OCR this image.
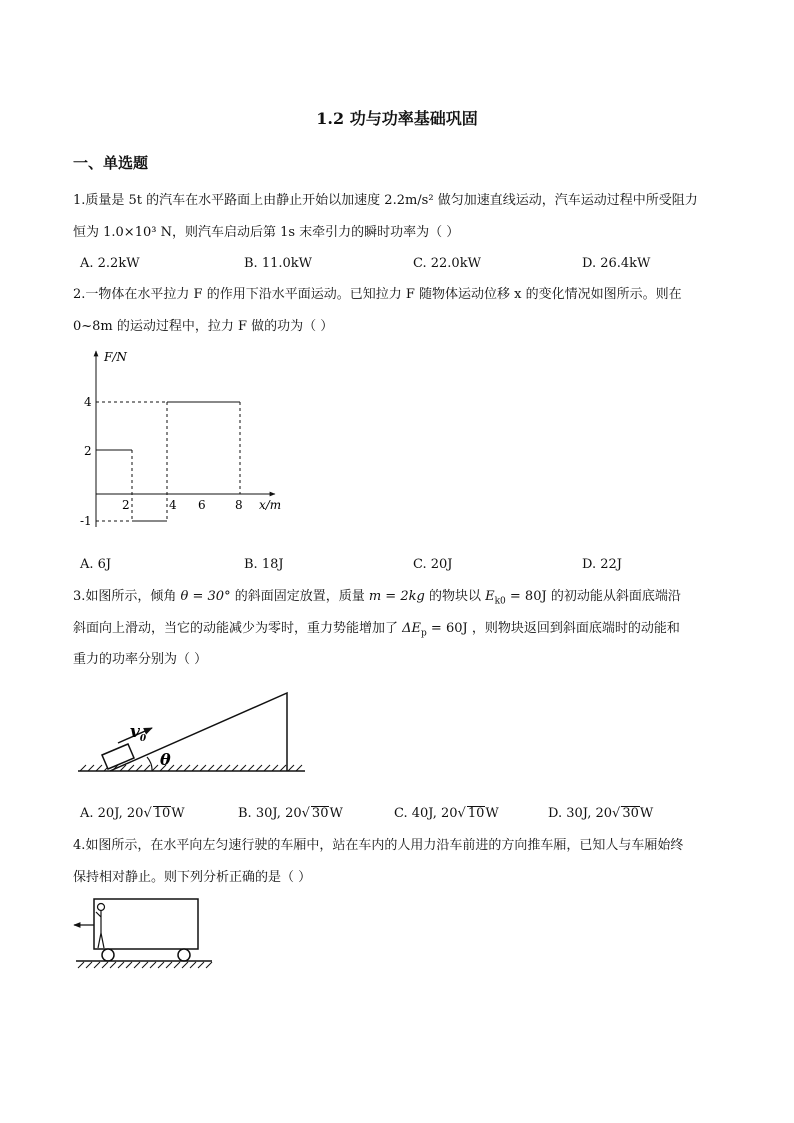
1.2 功与功率基础巩固
一、单选题
1.质量是 5t 的汽车在水平路面上由静止开始以加速度 2.2m/s² 做匀加速直线运动，汽车运动过程中所受阻力
恒为 1.0×10³ N，则汽车启动后第 1s 末牵引力的瞬时功率为（ ）
A. 2.2kW	B. 11.0kW	C. 22.0kW	D. 26.4kW
2.一物体在水平拉力 F 的作用下沿水平面运动。已知拉力 F 随物体运动位移 x 的变化情况如图所示。则在
0~8m 的运动过程中，拉力 F 做的功为（ ）
F/N
x/m
4
2
-1
2	4 6 8
A. 6J	B. 18J	C. 20J	D. 22J
3.如图所示，倾角 θ = 30° 的斜面固定放置，质量 m = 2kg 的物块以 $E_{k0} = 80J$ 的初动能从斜面底端沿
斜面向上滑动，当它的动能减少为零时，重力势能增加了 $\Delta E_p = 60J$ ，则物块返回到斜面底端时的动能和
重力的功率分别为（ ）
$v_0$
θ
A. 20J, 20√ 10W	B. 30J, 20√ 30W	C. 40J, 20√ 10W	D. 30J, 20√ 30W
4.如图所示，在水平向左匀速行驶的车厢中，站在车内的人用力沿车前进的方向推车厢，已知人与车厢始终
保持相对静止。则下列分析正确的是（ ）
